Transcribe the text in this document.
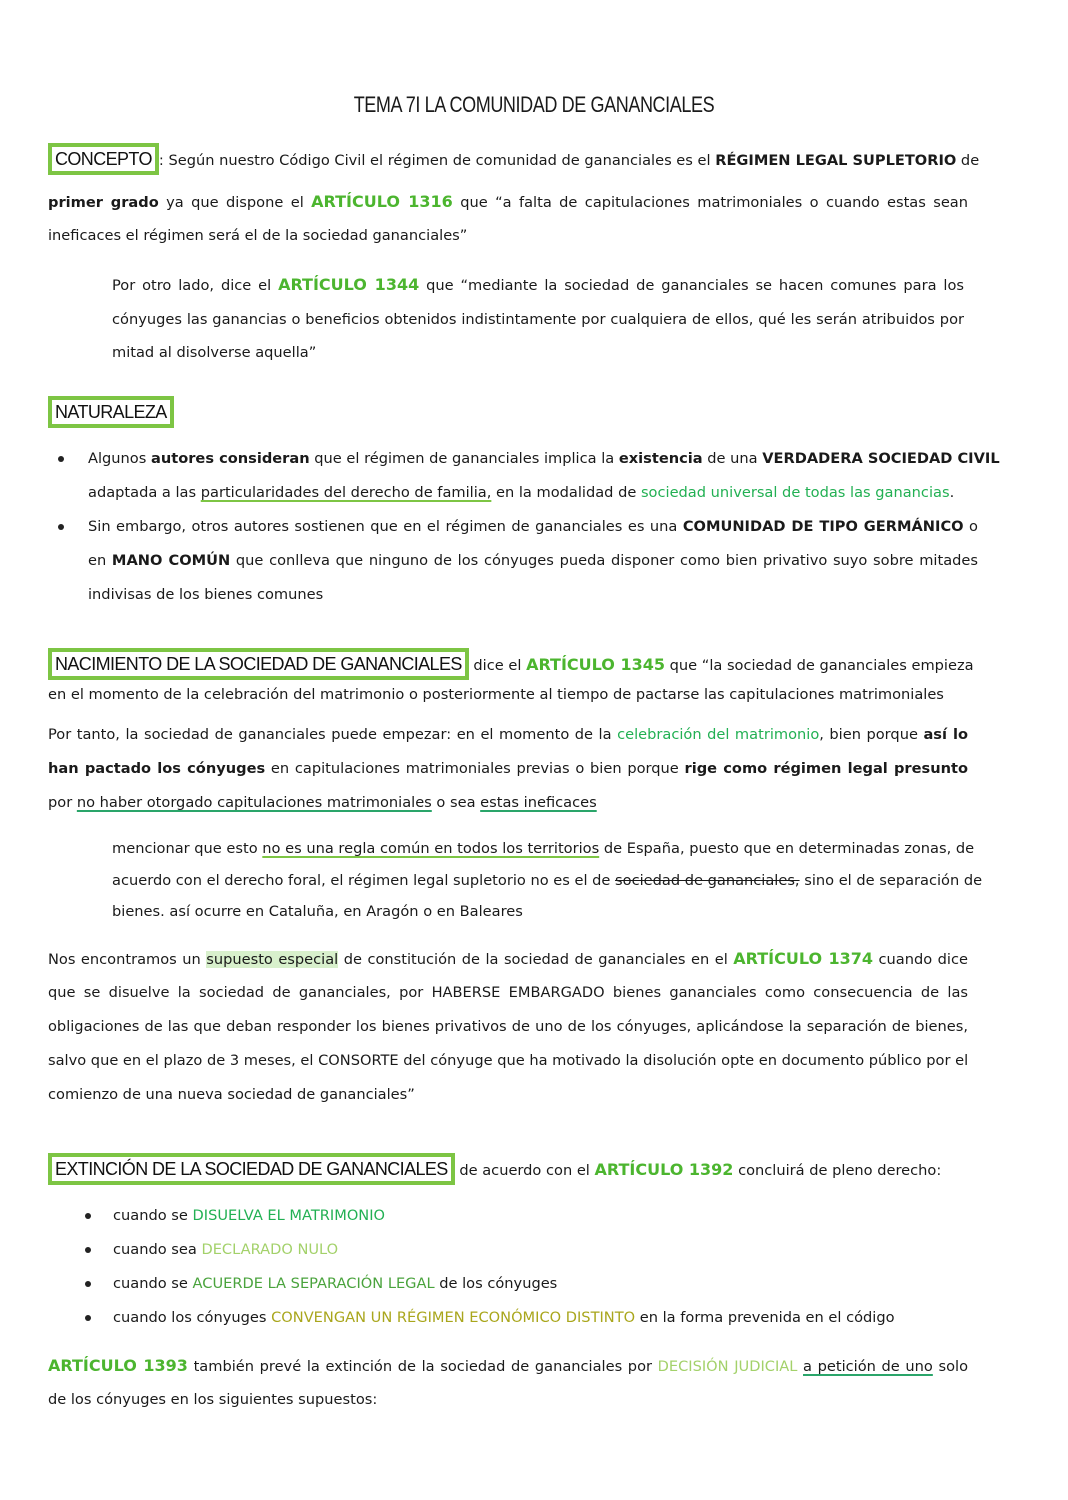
TEMA 7I LA COMUNIDAD DE GANANCIALES
CONCEPTO : Según nuestro Código Civil el régimen de comunidad de gananciales es el RÉGIMEN LEGAL SUPLETORIO de
primer grado ya que dispone el ARTÍCULO 1316 que “a falta de capitulaciones matrimoniales o cuando estas sean
ineficaces el régimen será el de la sociedad gananciales”
Por otro lado, dice el ARTÍCULO 1344 que “mediante la sociedad de gananciales se hacen comunes para los
cónyuges las ganancias o beneficios obtenidos indistintamente por cualquiera de ellos, qué les serán atribuidos por
mitad al disolverse aquella”
NATURALEZA
Algunos autores consideran que el régimen de gananciales implica la existencia de una VERDADERA SOCIEDAD CIVIL
adaptada a las particularidades del derecho de familia, en la modalidad de sociedad universal de todas las ganancias.
Sin embargo, otros autores sostienen que en el régimen de gananciales es una COMUNIDAD DE TIPO GERMÁNICO o
en MANO COMÚN que conlleva que ninguno de los cónyuges pueda disponer como bien privativo suyo sobre mitades
indivisas de los bienes comunes
NACIMIENTO DE LA SOCIEDAD DE GANANCIALES dice el ARTÍCULO 1345 que “la sociedad de gananciales empieza
en el momento de la celebración del matrimonio o posteriormente al tiempo de pactarse las capitulaciones matrimoniales
Por tanto, la sociedad de gananciales puede empezar: en el momento de la celebración del matrimonio, bien porque así lo
han pactado los cónyuges en capitulaciones matrimoniales previas o bien porque rige como régimen legal presunto
por no haber otorgado capitulaciones matrimoniales o sea estas ineficaces
mencionar que esto no es una regla común en todos los territorios de España, puesto que en determinadas zonas, de
acuerdo con el derecho foral, el régimen legal supletorio no es el de sociedad de gananciales, sino el de separación de
bienes. así ocurre en Cataluña, en Aragón o en Baleares
Nos encontramos un supuesto especial de constitución de la sociedad de gananciales en el ARTÍCULO 1374 cuando dice
que se disuelve la sociedad de gananciales, por HABERSE EMBARGADO bienes gananciales como consecuencia de las
obligaciones de las que deban responder los bienes privativos de uno de los cónyuges, aplicándose la separación de bienes,
salvo que en el plazo de 3 meses, el CONSORTE del cónyuge que ha motivado la disolución opte en documento público por el
comienzo de una nueva sociedad de gananciales”
EXTINCIÓN DE LA SOCIEDAD DE GANANCIALES de acuerdo con el ARTÍCULO 1392 concluirá de pleno derecho:
cuando se DISUELVA EL MATRIMONIO
cuando sea DECLARADO NULO
cuando se ACUERDE LA SEPARACIÓN LEGAL de los cónyuges
cuando los cónyuges CONVENGAN UN RÉGIMEN ECONÓMICO DISTINTO en la forma prevenida en el código
ARTÍCULO 1393 también prevé la extinción de la sociedad de gananciales por DECISIÓN JUDICIAL a petición de uno solo
de los cónyuges en los siguientes supuestos:
